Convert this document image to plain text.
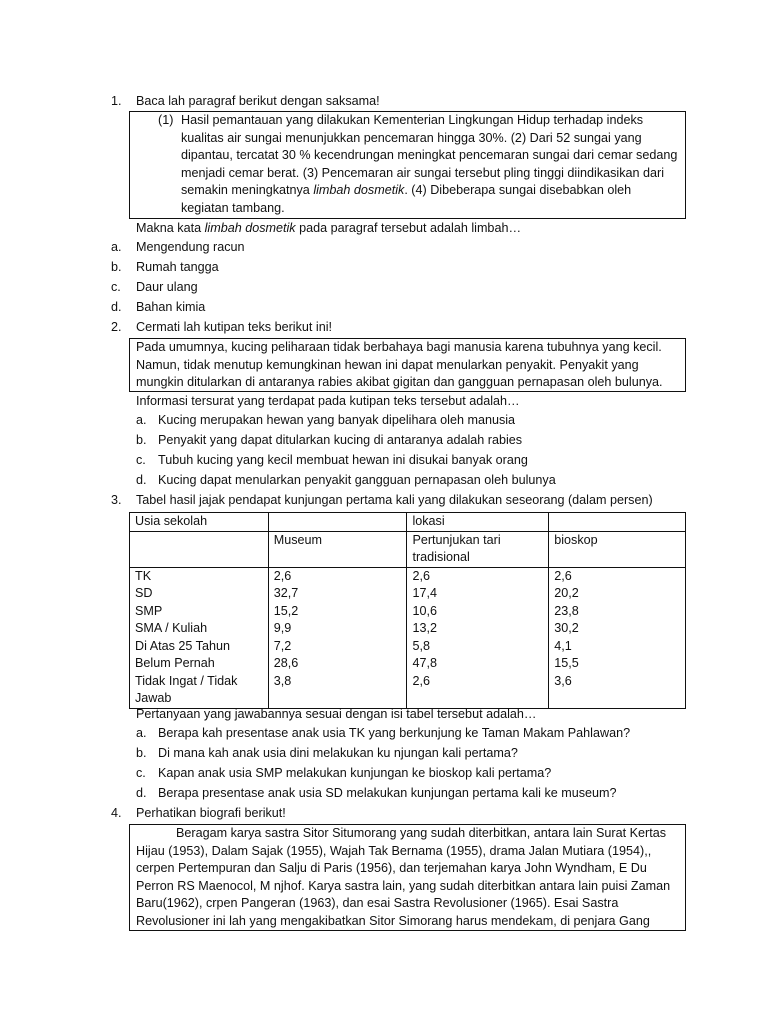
1. Baca lah paragraf berikut dengan saksama!
(1) Hasil pemantauan yang dilakukan Kementerian Lingkungan Hidup terhadap indeks
kualitas air sungai menunjukkan pencemaran hingga 30%. (2) Dari 52 sungai yang
dipantau, tercatat 30 % kecendrungan meningkat pencemaran sungai dari cemar sedang
menjadi cemar berat. (3) Pencemaran air sungai tersebut pling tinggi diindikasikan dari
semakin meningkatnya limbah dosmetik. (4) Dibeberapa sungai disebabkan oleh
kegiatan tambang.
Makna kata limbah dosmetik pada paragraf tersebut adalah limbah…
a. Mengendung racun
b. Rumah tangga
c. Daur ulang
d. Bahan kimia
2. Cermati lah kutipan teks berikut ini!
Pada umumnya, kucing peliharaan tidak berbahaya bagi manusia karena tubuhnya yang kecil.
Namun, tidak menutup kemungkinan hewan ini dapat menularkan penyakit. Penyakit yang
mungkin ditularkan di antaranya rabies akibat gigitan dan gangguan pernapasan oleh bulunya.
Informasi tersurat yang terdapat pada kutipan teks tersebut adalah…
a. Kucing merupakan hewan yang banyak dipelihara oleh manusia
b. Penyakit yang dapat ditularkan kucing di antaranya adalah rabies
c. Tubuh kucing yang kecil membuat hewan ini disukai banyak orang
d. Kucing dapat menularkan penyakit gangguan pernapasan oleh bulunya
3. Tabel hasil jajak pendapat kunjungan pertama kali yang dilakukan seseorang (dalam persen)
Usia sekolah		lokasi	
	Museum	Pertunjukan tari tradisional	bioskop
TK	2,6	2,6	2,6
SD	32,7	17,4	20,2
SMP	15,2	10,6	23,8
SMA / Kuliah	9,9	13,2	30,2
Di Atas 25 Tahun	7,2	5,8	4,1
Belum Pernah	28,6	47,8	15,5
Tidak Ingat / Tidak Jawab	3,8	2,6	3,6
Pertanyaan yang jawabannya sesuai dengan isi tabel tersebut adalah…
a. Berapa kah presentase anak usia TK yang berkunjung ke Taman Makam Pahlawan?
b. Di mana kah anak usia dini melakukan ku njungan kali pertama?
c. Kapan anak usia SMP melakukan kunjungan ke bioskop kali pertama?
d. Berapa presentase anak usia SD melakukan kunjungan pertama kali ke museum?
4. Perhatikan biografi berikut!
Beragam karya sastra Sitor Situmorang yang sudah diterbitkan, antara lain Surat Kertas
Hijau (1953), Dalam Sajak (1955), Wajah Tak Bernama (1955), drama Jalan Mutiara (1954),,
cerpen Pertempuran dan Salju di Paris (1956), dan terjemahan karya John Wyndham, E Du
Perron RS Maenocol, M njhof. Karya sastra lain, yang sudah diterbitkan antara lain puisi Zaman
Baru(1962), crpen Pangeran (1963), dan esai Sastra Revolusioner (1965). Esai Sastra
Revolusioner ini lah yang mengakibatkan Sitor Simorang harus mendekam, di penjara Gang
